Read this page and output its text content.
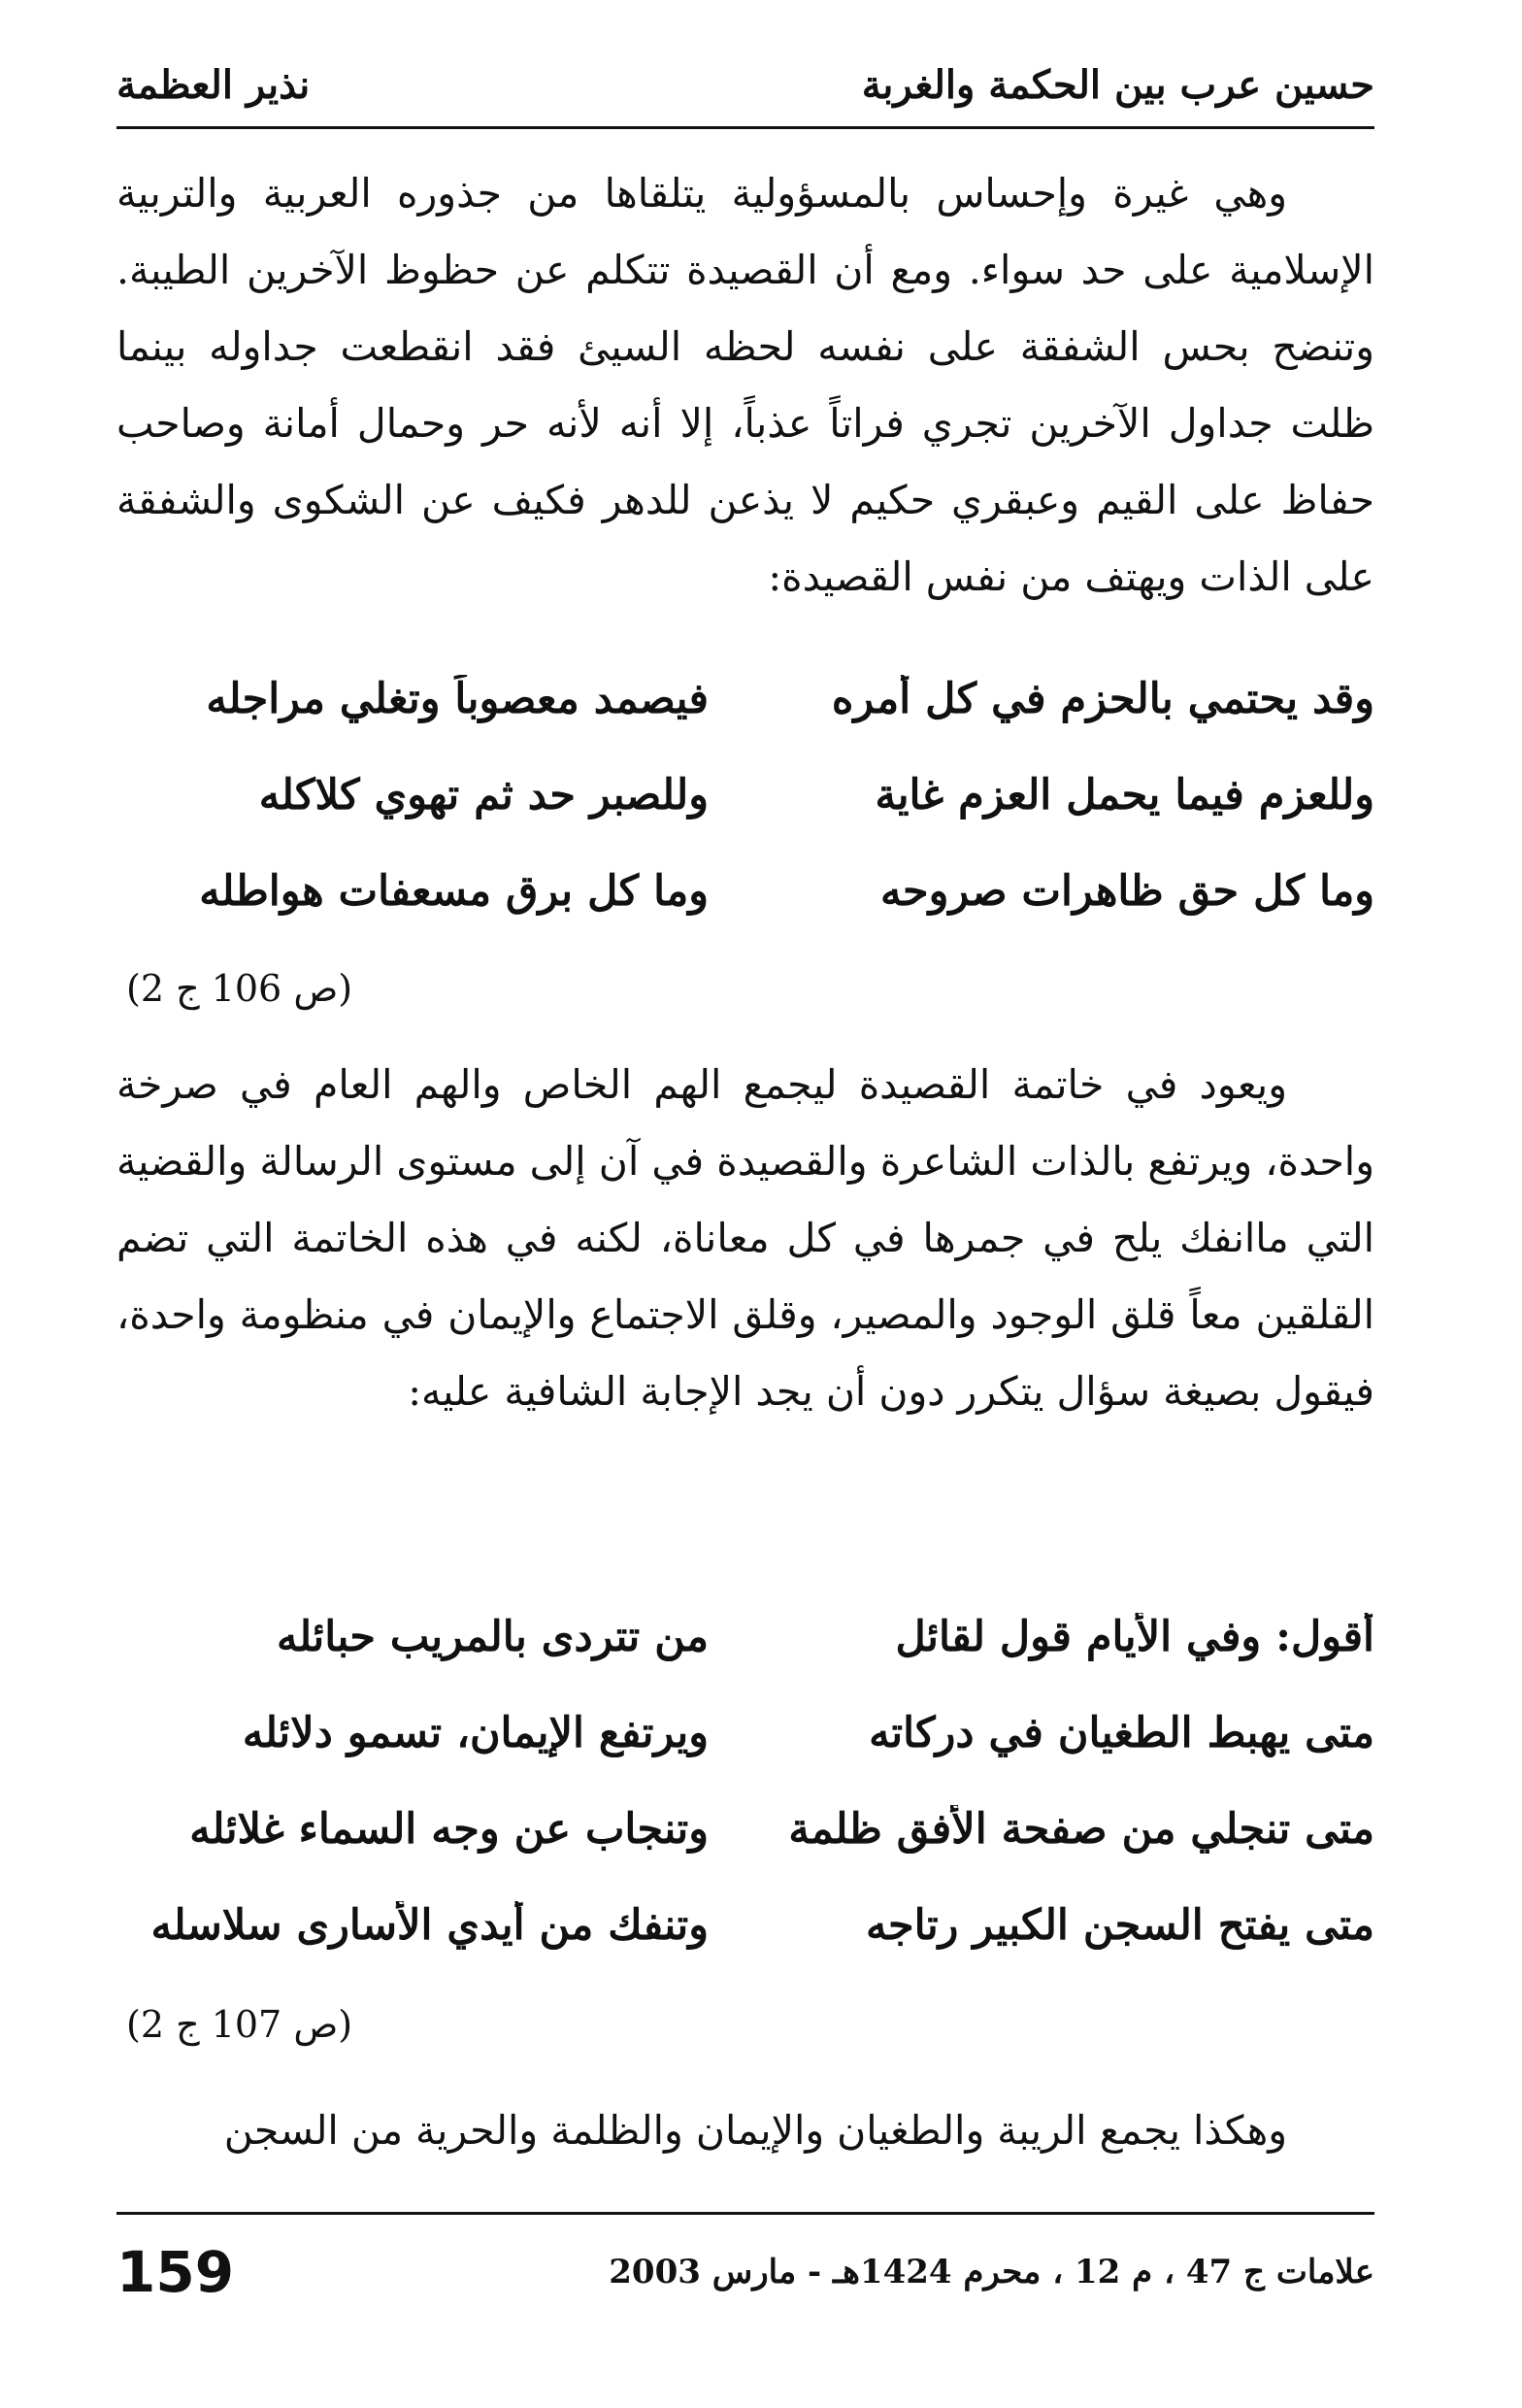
حسين عرب بين الحكمة والغربة
نذير العظمة

وهي غيرة وإحساس بالمسؤولية يتلقاها من جذوره العربية والتربية الإسلامية على حد سواء. ومع أن القصيدة تتكلم عن حظوظ الآخرين الطيبة. وتنضح بحس الشفقة على نفسه لحظه السيئ فقد انقطعت جداوله بينما ظلت جداول الآخرين تجري فراتاً عذباً، إلا أنه لأنه حر وحمال أمانة وصاحب حفاظ على القيم وعبقري حكيم لا يذعن للدهر فكيف عن الشكوى والشفقة على الذات ويهتف من نفس القصيدة:

وقد يحتمي بالحزم في كل أمره
فيصمد معصوباً وتغلي مراجله
وللعزم فيما يحمل العزم غاية
وللصبر حد ثم تهوي كلاكله
وما كل حق ظاهرات صروحه
وما كل برق مسعفات هواطله
(ص 106 ج 2)

ويعود في خاتمة القصيدة ليجمع الهم الخاص والهم العام في صرخة واحدة، ويرتفع بالذات الشاعرة والقصيدة في آن إلى مستوى الرسالة والقضية التي ماانفك يلح في جمرها في كل معاناة، لكنه في هذه الخاتمة التي تضم القلقين معاً قلق الوجود والمصير، وقلق الاجتماع والإيمان في منظومة واحدة، فيقول بصيغة سؤال يتكرر دون أن يجد الإجابة الشافية عليه:

أقول: وفي الأيام قول لقائل
من تتردى بالمريب حبائله
متى يهبط الطغيان في دركاته
ويرتفع الإيمان، تسمو دلائله
متى تنجلي من صفحة الأفق ظلمة
وتنجاب عن وجه السماء غلائله
متى يفتح السجن الكبير رتاجه
وتنفك من أيدي الأسارى سلاسله
(ص 107 ج 2)

وهكذا يجمع الريبة والطغيان والإيمان والظلمة والحرية من السجن

علامات ج 47 ، م 12 ، محرم 1424هـ - مارس 2003
159
